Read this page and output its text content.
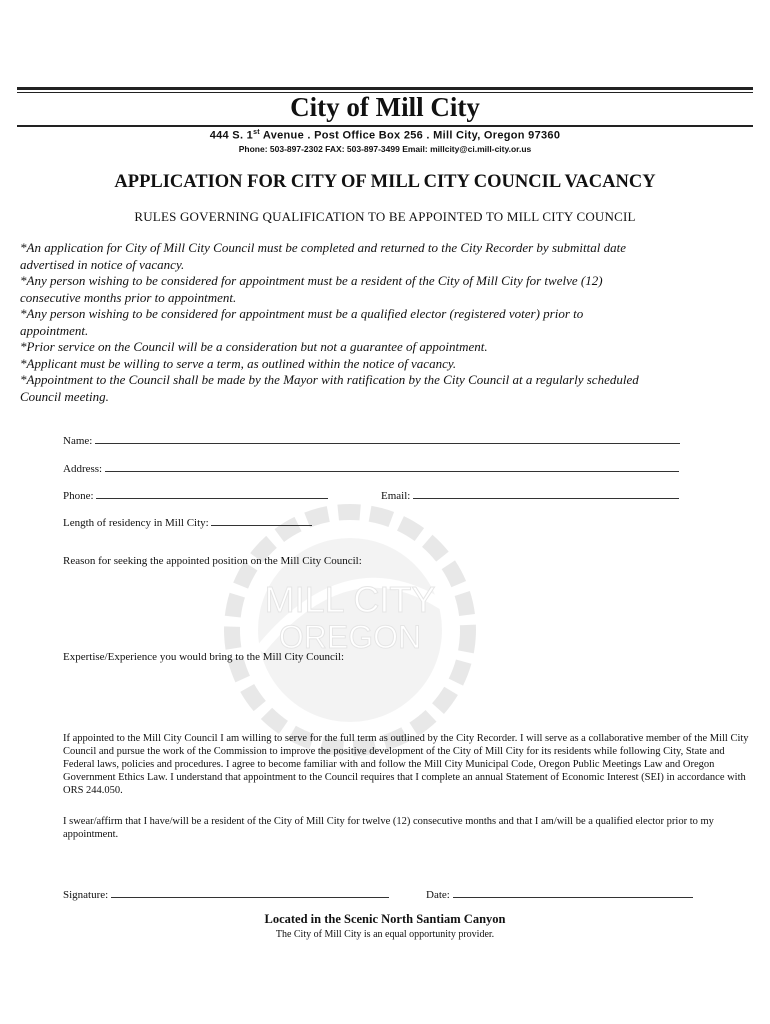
City of Mill City
444 S. 1st Avenue . Post Office Box 256 . Mill City, Oregon 97360
Phone: 503-897-2302 FAX: 503-897-3499 Email: millcity@ci.mill-city.or.us
APPLICATION FOR CITY OF MILL CITY COUNCIL VACANCY
RULES GOVERNING QUALIFICATION TO BE APPOINTED TO MILL CITY COUNCIL
*An application for City of Mill City Council must be completed and returned to the City Recorder by submittal date
advertised in notice of vacancy.
*Any person wishing to be considered for appointment must be a resident of the City of Mill City for twelve (12)
consecutive months prior to appointment.
*Any person wishing to be considered for appointment must be a qualified elector (registered voter) prior to
appointment.
*Prior service on the Council will be a consideration but not a guarantee of appointment.
*Applicant must be willing to serve a term, as outlined within the notice of vacancy.
*Appointment to the Council shall be made by the Mayor with ratification by the City Council at a regularly scheduled
Council meeting.
MILL CITY
OREGON
Name:
Address:
Phone:	Email:
Length of residency in Mill City:
Reason for seeking the appointed position on the Mill City Council:
Expertise/Experience you would bring to the Mill City Council:
If appointed to the Mill City Council I am willing to serve for the full term as outlined by the City Recorder. I will serve as a collaborative member of the Mill City Council and pursue the work of the Commission to improve the positive development of the City of Mill City for its residents while following City, State and Federal laws, policies and procedures. I agree to become familiar with and follow the Mill City Municipal Code, Oregon Public Meetings Law and Oregon Government Ethics Law. I understand that appointment to the Council requires that I complete an annual Statement of Economic Interest (SEI) in accordance with ORS 244.050.
I swear/affirm that I have/will be a resident of the City of Mill City for twelve (12) consecutive months and that I am/will be a qualified elector prior to my appointment.
Signature:	Date:
Located in the Scenic North Santiam Canyon
The City of Mill City is an equal opportunity provider.
